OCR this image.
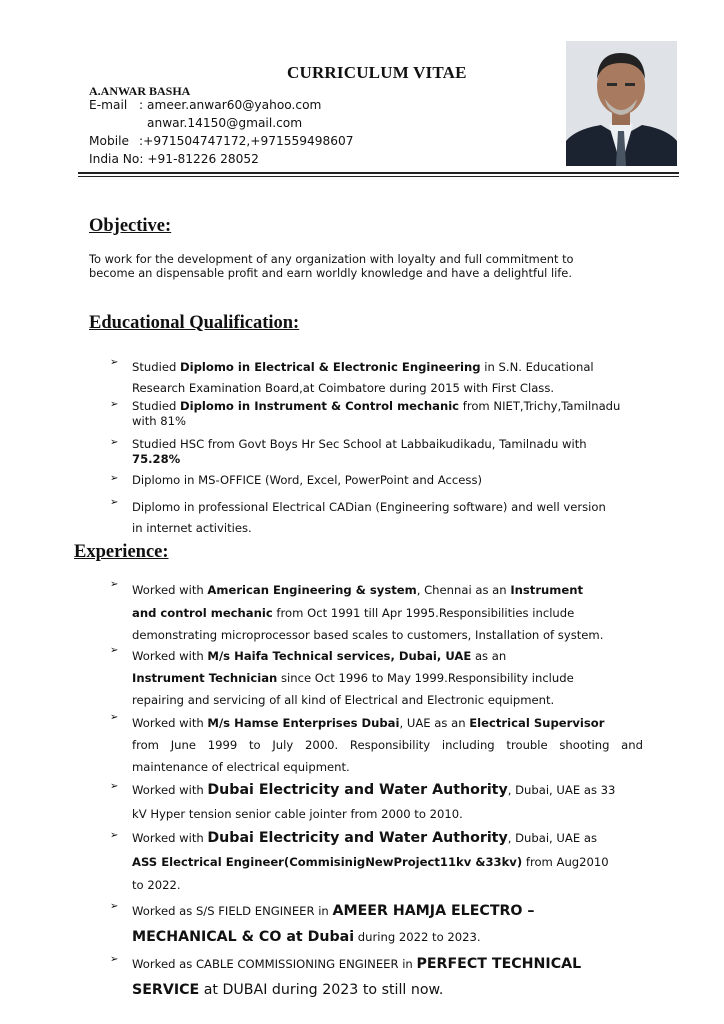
CURRICULUM VITAE
A.ANWAR BASHA
E-mail : ameer.anwar60@yahoo.com
anwar.14150@gmail.com
Mobile :+971504747172,+971559498607
India No: +91-81226 28052
Objective:
To work for the development of any organization with loyalty and full commitment to
become an dispensable profit and earn worldly knowledge and have a delightful life.
Educational Qualification:
➢ Studied Diplomo in Electrical & Electronic Engineering in S.N. Educational
Research Examination Board,at Coimbatore during 2015 with First Class.
➢ Studied Diplomo in Instrument & Control mechanic from NIET,Trichy,Tamilnadu
with 81%
➢ Studied HSC from Govt Boys Hr Sec School at Labbaikudikadu, Tamilnadu with
75.28%
➢ Diplomo in MS-OFFICE (Word, Excel, PowerPoint and Access)
➢ Diplomo in professional Electrical CADian (Engineering software) and well version
in internet activities.
Experience:
➢ Worked with American Engineering & system, Chennai as an Instrument
and control mechanic from Oct 1991 till Apr 1995.Responsibilities include
demonstrating microprocessor based scales to customers, Installation of system.
➢ Worked with M/s Haifa Technical services, Dubai, UAE as an
Instrument Technician since Oct 1996 to May 1999.Responsibility include
repairing and servicing of all kind of Electrical and Electronic equipment.
➢ Worked with M/s Hamse Enterprises Dubai, UAE as an Electrical Supervisor
from June 1999 to July 2000. Responsibility including trouble shooting and
maintenance of electrical equipment.
➢ Worked with Dubai Electricity and Water Authority, Dubai, UAE as 33
kV Hyper tension senior cable jointer from 2000 to 2010.
➢ Worked with Dubai Electricity and Water Authority, Dubai, UAE as
ASS Electrical Engineer(CommisinigNewProject11kv &33kv) from Aug2010
to 2022.
➢ Worked as S/S FIELD ENGINEER in AMEER HAMJA ELECTRO –
MECHANICAL & CO at Dubai during 2022 to 2023.
➢ Worked as CABLE COMMISSIONING ENGINEER in PERFECT TECHNICAL
SERVICE at DUBAI during 2023 to still now.
